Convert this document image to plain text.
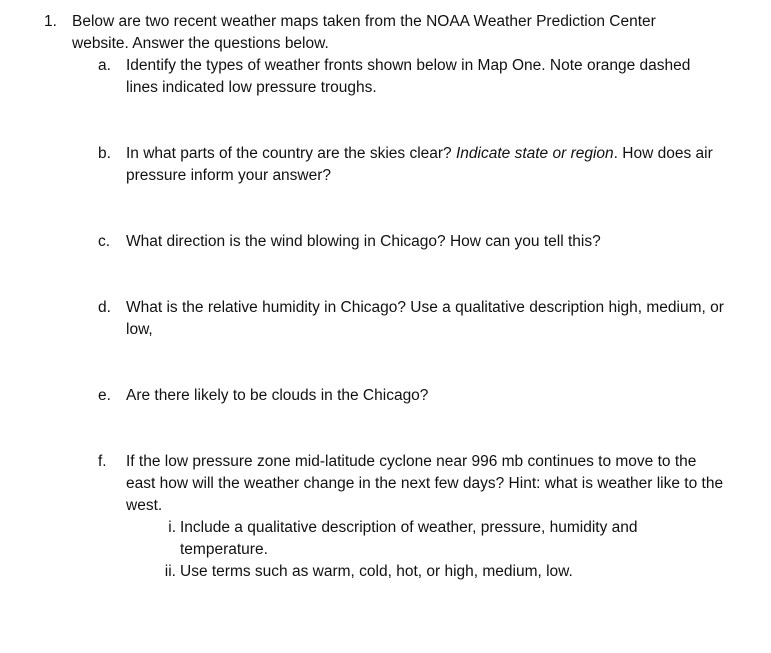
1. Below are two recent weather maps taken from the NOAA Weather Prediction Center website. Answer the questions below.
a. Identify the types of weather fronts shown below in Map One. Note orange dashed lines indicated low pressure troughs.
b. In what parts of the country are the skies clear? Indicate state or region. How does air pressure inform your answer?
c. What direction is the wind blowing in Chicago? How can you tell this?
d. What is the relative humidity in Chicago? Use a qualitative description high, medium, or low,
e. Are there likely to be clouds in the Chicago?
f. If the low pressure zone mid-latitude cyclone near 996 mb continues to move to the east how will the weather change in the next few days? Hint: what is weather like to the west.
i. Include a qualitative description of weather, pressure, humidity and temperature.
ii. Use terms such as warm, cold, hot, or high, medium, low.
